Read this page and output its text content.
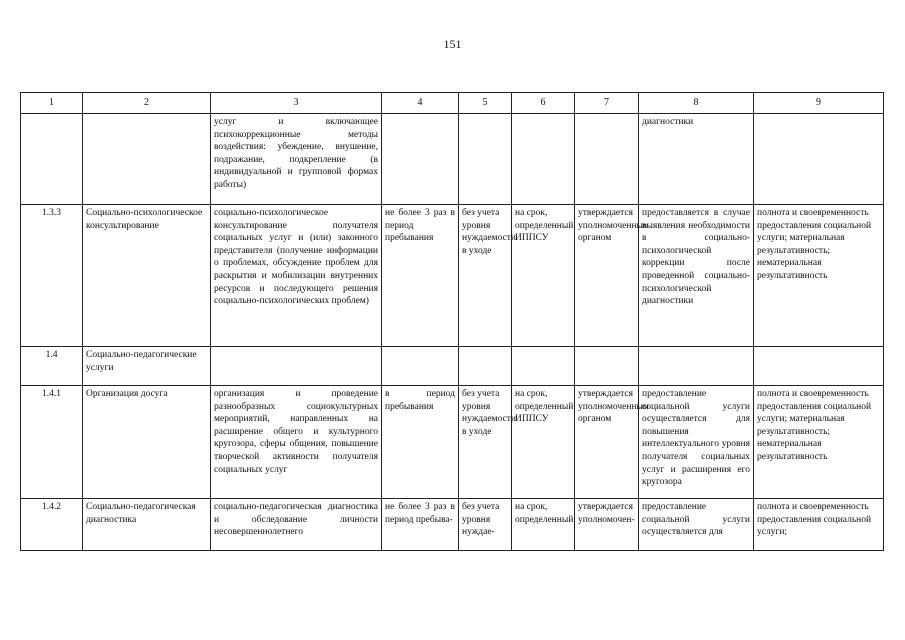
151
1	2	3	4	5	6	7	8	9
		услуг и включающее психокоррекционные методы воздействия: убеждение, внушение, подражание, подкрепление (в индивидуальной и групповой формах работы)					диагностики	
1.3.3	Социально-психологическое консультирование	социально-психологическое консультирование получателя социальных услуг и (или) законного представителя (получение информации о проблемах, обсуждение проблем для раскрытия и мобилизации внутренних ресурсов и последующего решения социально-психологических проблем)	не более 3 раз в период пребывания	без учета уровня нуждаемости в уходе	на срок, определенный ИППСУ	утверждается уполномоченным органом	предоставляется в случае выявления необходимости в социально-психологической коррекции после проведенной социально-психологической диагностики	полнота и своевременность предоставления социальной услуги; материальная результативность; нематериальная результативность
1.4	Социально-педагогические услуги							
1.4.1	Организация досуга	организация и проведение разнообразных социокультурных мероприятий, направленных на расширение общего и культурного кругозора, сферы общения, повышение творческой активности получателя социальных услуг	в период пребывания	без учета уровня нуждаемости в уходе	на срок, определенный ИППСУ	утверждается уполномоченным органом	предоставление социальной услуги осуществляется для повышения интеллектуального уровня получателя социальных услуг и расширения его кругозора	полнота и своевременность предоставления социальной услуги; материальная результативность; нематериальная результативность
1.4.2	Социально-педагогическая диагностика	социально-педагогическая диагностика и обследование личности несовершеннолетнего	не более 3 раз в период пребыва-	без учета уровня нуждае-	на срок, определенный	утверждается уполномочен-	предоставление социальной услуги осуществляется для	полнота и своевременность предоставления социальной услуги;
